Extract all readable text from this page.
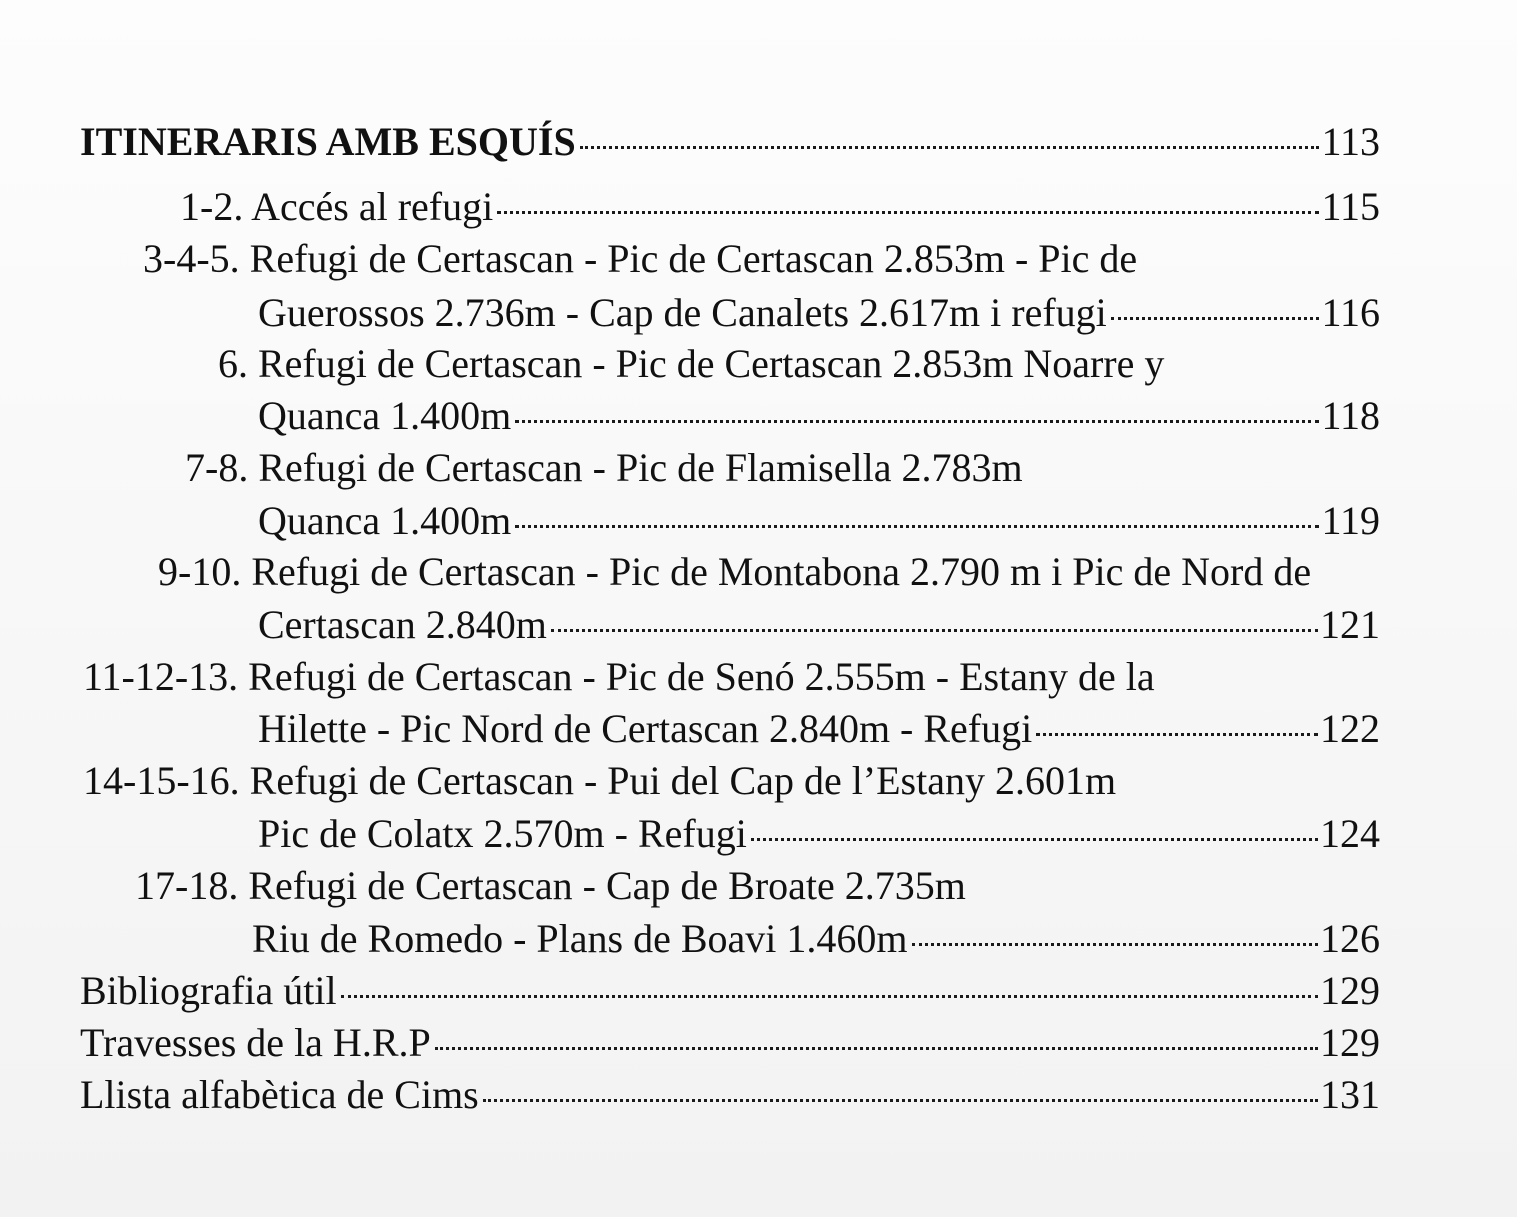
ITINERARIS AMB ESQUÍS	113
1-2. Accés al refugi	115
3-4-5. Refugi de Certascan - Pic de Certascan 2.853m - Pic de
Guerossos 2.736m - Cap de Canalets 2.617m i refugi	116
6. Refugi de Certascan - Pic de Certascan 2.853m Noarre y
Quanca 1.400m	118
7-8. Refugi de Certascan - Pic de Flamisella 2.783m
Quanca 1.400m	119
9-10. Refugi de Certascan - Pic de Montabona 2.790 m i Pic de Nord de
Certascan 2.840m	121
11-12-13. Refugi de Certascan - Pic de Senó 2.555m - Estany de la
Hilette - Pic Nord de Certascan 2.840m - Refugi	122
14-15-16. Refugi de Certascan - Pui del Cap de l’Estany 2.601m
Pic de Colatx 2.570m - Refugi	124
17-18. Refugi de Certascan - Cap de Broate 2.735m
Riu de Romedo - Plans de Boavi 1.460m	126
Bibliografia útil	129
Travesses de la H.R.P	129
Llista alfabètica de Cims	131
